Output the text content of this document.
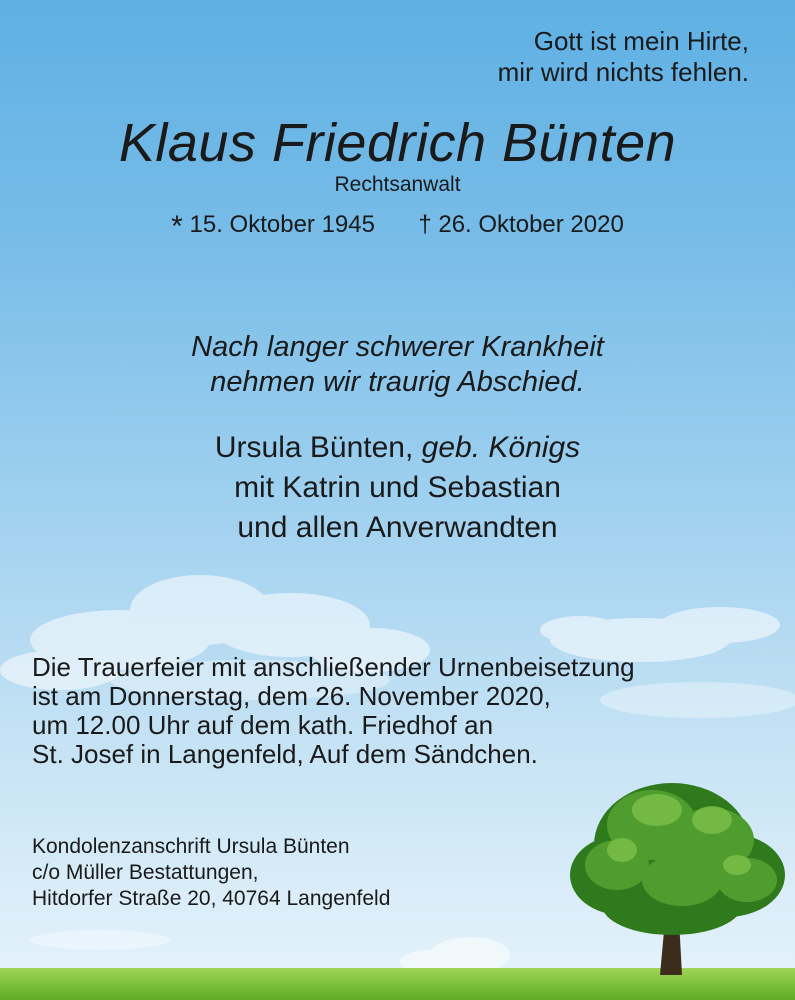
Gott ist mein Hirte,
mir wird nichts fehlen.
Klaus Friedrich Bünten
Rechtsanwalt
* 15. Oktober 1945 † 26. Oktober 2020
Nach langer schwerer Krankheit
nehmen wir traurig Abschied.
Ursula Bünten, geb. Königs
mit Katrin und Sebastian
und allen Anverwandten
Die Trauerfeier mit anschließender Urnenbeisetzung
ist am Donnerstag, dem 26. November 2020,
um 12.00 Uhr auf dem kath. Friedhof an
St. Josef in Langenfeld, Auf dem Sändchen.
Kondolenzanschrift Ursula Bünten
c/o Müller Bestattungen,
Hitdorfer Straße 20, 40764 Langenfeld
